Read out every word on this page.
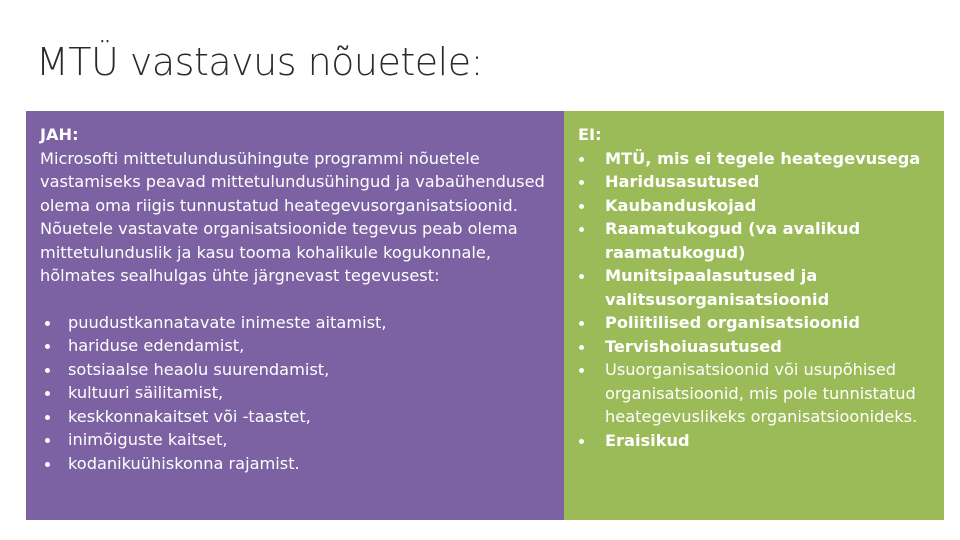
MTÜ vastavus nõuetele:
JAH:

Microsofti mittetulundusühingute programmi nõuetele vastamiseks peavad mittetulundusühingud ja vabaühendused olema oma riigis tunnustatud heategevusorganisatsioonid. Nõuetele vastavate organisatsioonide tegevus peab olema mittetulunduslik ja kasu tooma kohalikule kogukonnale, hõlmates sealhulgas ühte järgnevast tegevusest:

puudustkannatavate inimeste aitamist,
hariduse edendamist,
sotsiaalse heaolu suurendamist,
kultuuri säilitamist,
keskkonnakaitset või -taastet,
inimõiguste kaitset,
kodanikuühiskonna rajamist.
EI:
MTÜ, mis ei tegele heategevusega
Haridusasutused
Kaubanduskojad
Raamatukogud (va avalikud raamatukogud)
Munitsipaalasutused ja valitsusorganisatsioonid
Poliitilised organisatsioonid
Tervishoiuasutused
Usuorganisatsioonid või usupõhised organisatsioonid, mis pole tunnistatud heategevuslikeks organisatsioonideks.
Eraisikud
